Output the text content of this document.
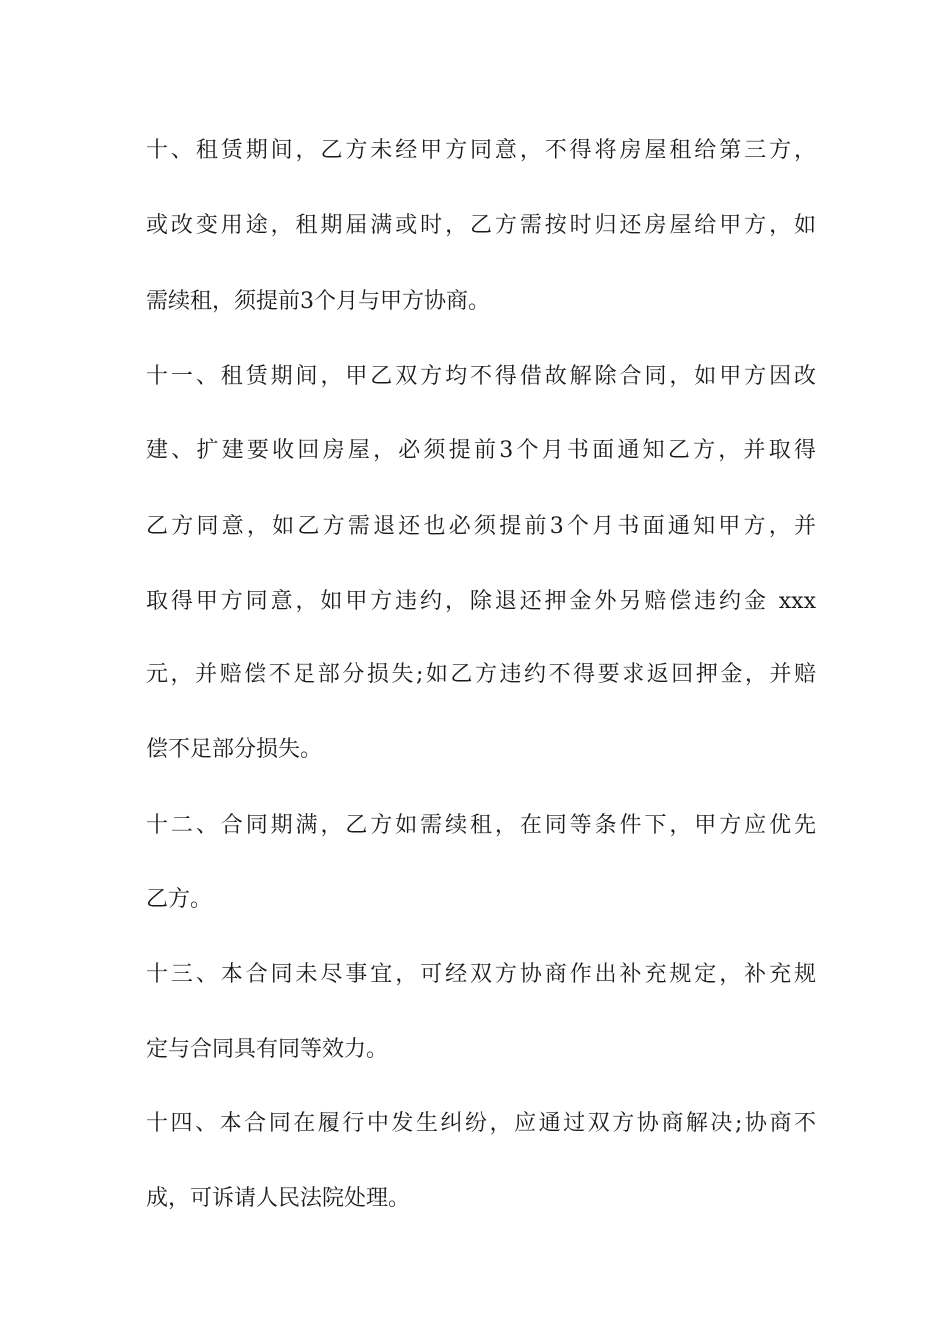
十、租赁期间，乙方未经甲方同意，不得将房屋租给第三方，
或改变用途，租期届满或时，乙方需按时归还房屋给甲方，如
需续租，须提前3个月与甲方协商。
十一、租赁期间，甲乙双方均不得借故解除合同，如甲方因改
建、扩建要收回房屋，必须提前3个月书面通知乙方，并取得
乙方同意，如乙方需退还也必须提前3个月书面通知甲方，并
取得甲方同意，如甲方违约，除退还押金外另赔偿违约金 xxx
元，并赔偿不足部分损失;如乙方违约不得要求返回押金，并赔
偿不足部分损失。
十二、合同期满，乙方如需续租，在同等条件下，甲方应优先
乙方。
十三、本合同未尽事宜，可经双方协商作出补充规定，补充规
定与合同具有同等效力。
十四、本合同在履行中发生纠纷，应通过双方协商解决;协商不
成，可诉请人民法院处理。
